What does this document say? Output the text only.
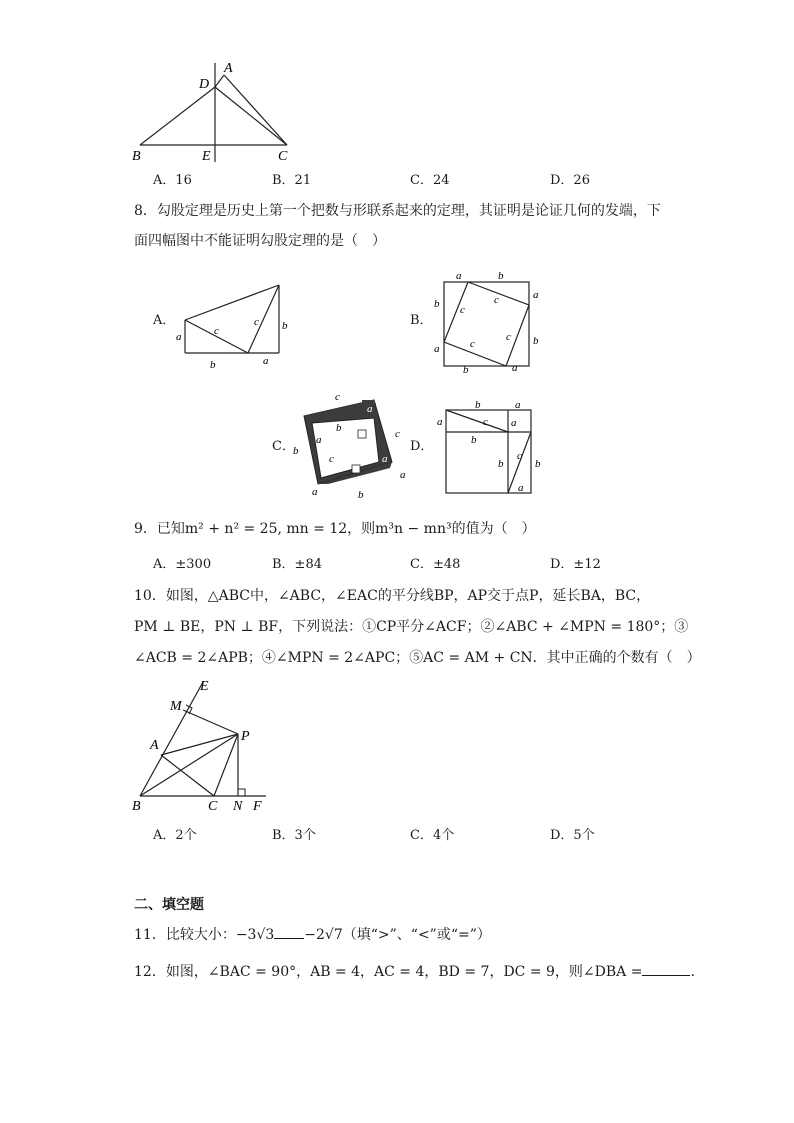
A
D
B	E	C
A．16	B．21	C．24	D．26
8．勾股定理是历史上第一个把数与形联系起来的定理，其证明是论证几何的发端，下
面四幅图中不能证明勾股定理的是（　）
A．
a	c
c b
b	a
B．
a	b
a
b
a
b
a
b c
c
c
c
C．
c
a
c
b
b
b
a
c	a
a
a	b
D．
b	a
a	c a
b
b
c
b
a
9．已知m² + n² = 25, mn = 12，则m³n − mn³的值为（　）
A．±300	B．±84	C．±48	D．±12
10．如图，△ABC中，∠ABC，∠EAC的平分线BP，AP交于点P，延长BA，BC，
PM ⊥ BE，PN ⊥ BF，下列说法：①CP平分∠ACF；②∠ABC + ∠MPN = 180°；③
∠ACB = 2∠APB；④∠MPN = 2∠APC；⑤AC = AM + CN．其中正确的个数有（　）
E
M
A
P
B	C N F
A．2个	B．3个	C．4个	D．5个
二、填空题
11．比较大小：−3√3 −2√7（填“>”、“<”或“=”）
12．如图，∠BAC = 90°，AB = 4，AC = 4，BD = 7，DC = 9，则∠DBA =	.
